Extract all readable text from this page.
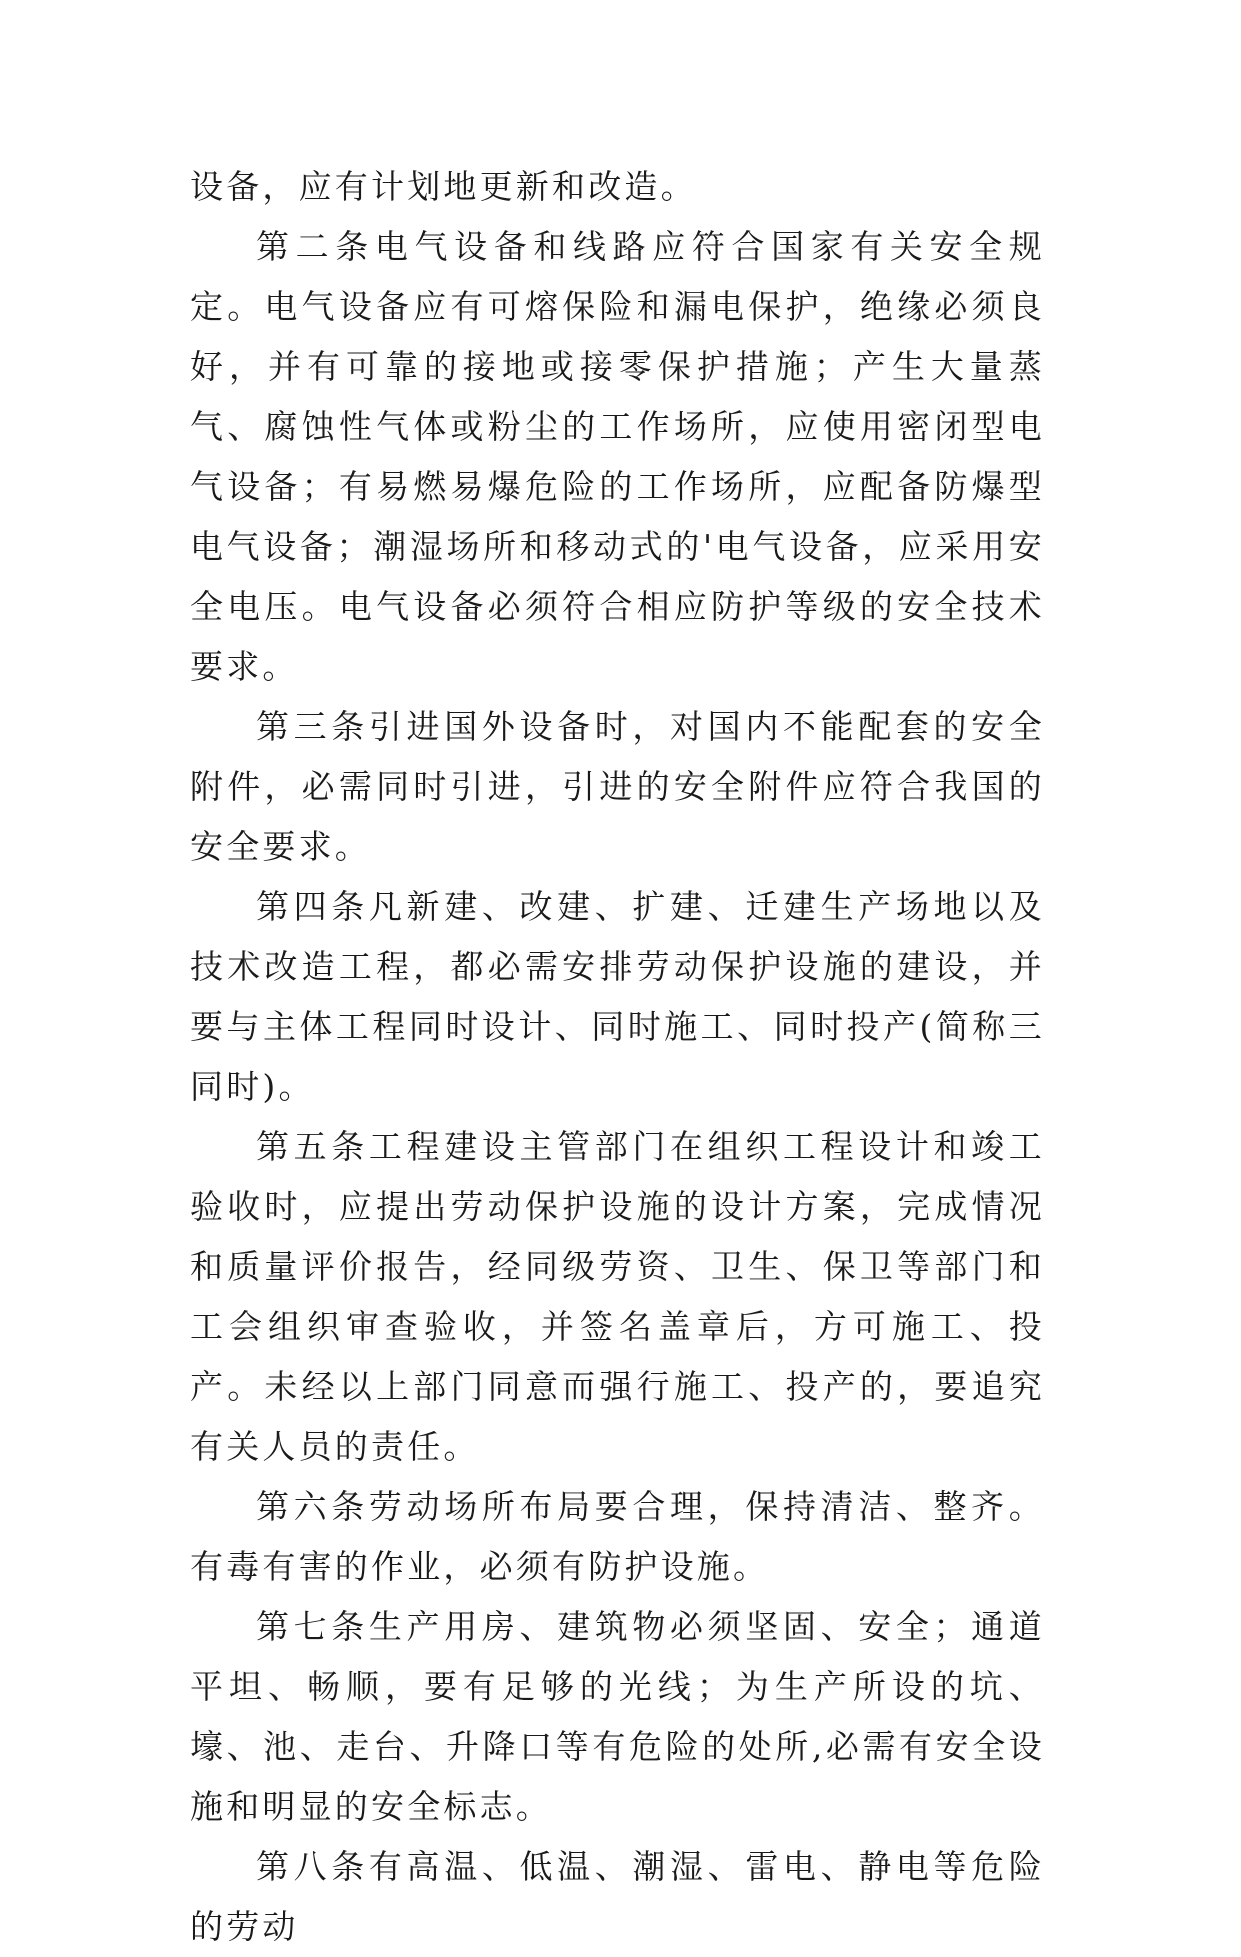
设备，应有计划地更新和改造。

第二条电气设备和线路应符合国家有关安全规定。电气设备应有可熔保险和漏电保护，绝缘必须良好，并有可靠的接地或接零保护措施；产生大量蒸气、腐蚀性气体或粉尘的工作场所，应使用密闭型电气设备；有易燃易爆危险的工作场所，应配备防爆型电气设备；潮湿场所和移动式的'电气设备，应采用安全电压。电气设备必须符合相应防护等级的安全技术要求。

第三条引进国外设备时，对国内不能配套的安全附件，必需同时引进，引进的安全附件应符合我国的安全要求。

第四条凡新建、改建、扩建、迁建生产场地以及技术改造工程，都必需安排劳动保护设施的建设，并要与主体工程同时设计、同时施工、同时投产(简称三同时)。

第五条工程建设主管部门在组织工程设计和竣工验收时，应提出劳动保护设施的设计方案，完成情况和质量评价报告，经同级劳资、卫生、保卫等部门和工会组织审查验收，并签名盖章后，方可施工、投产。未经以上部门同意而强行施工、投产的，要追究有关人员的责任。

第六条劳动场所布局要合理，保持清洁、整齐。有毒有害的作业，必须有防护设施。

第七条生产用房、建筑物必须坚固、安全；通道平坦、畅顺，要有足够的光线；为生产所设的坑、壕、池、走台、升降口等有危险的处所,必需有安全设施和明显的安全标志。

第八条有高温、低温、潮湿、雷电、静电等危险的劳动
